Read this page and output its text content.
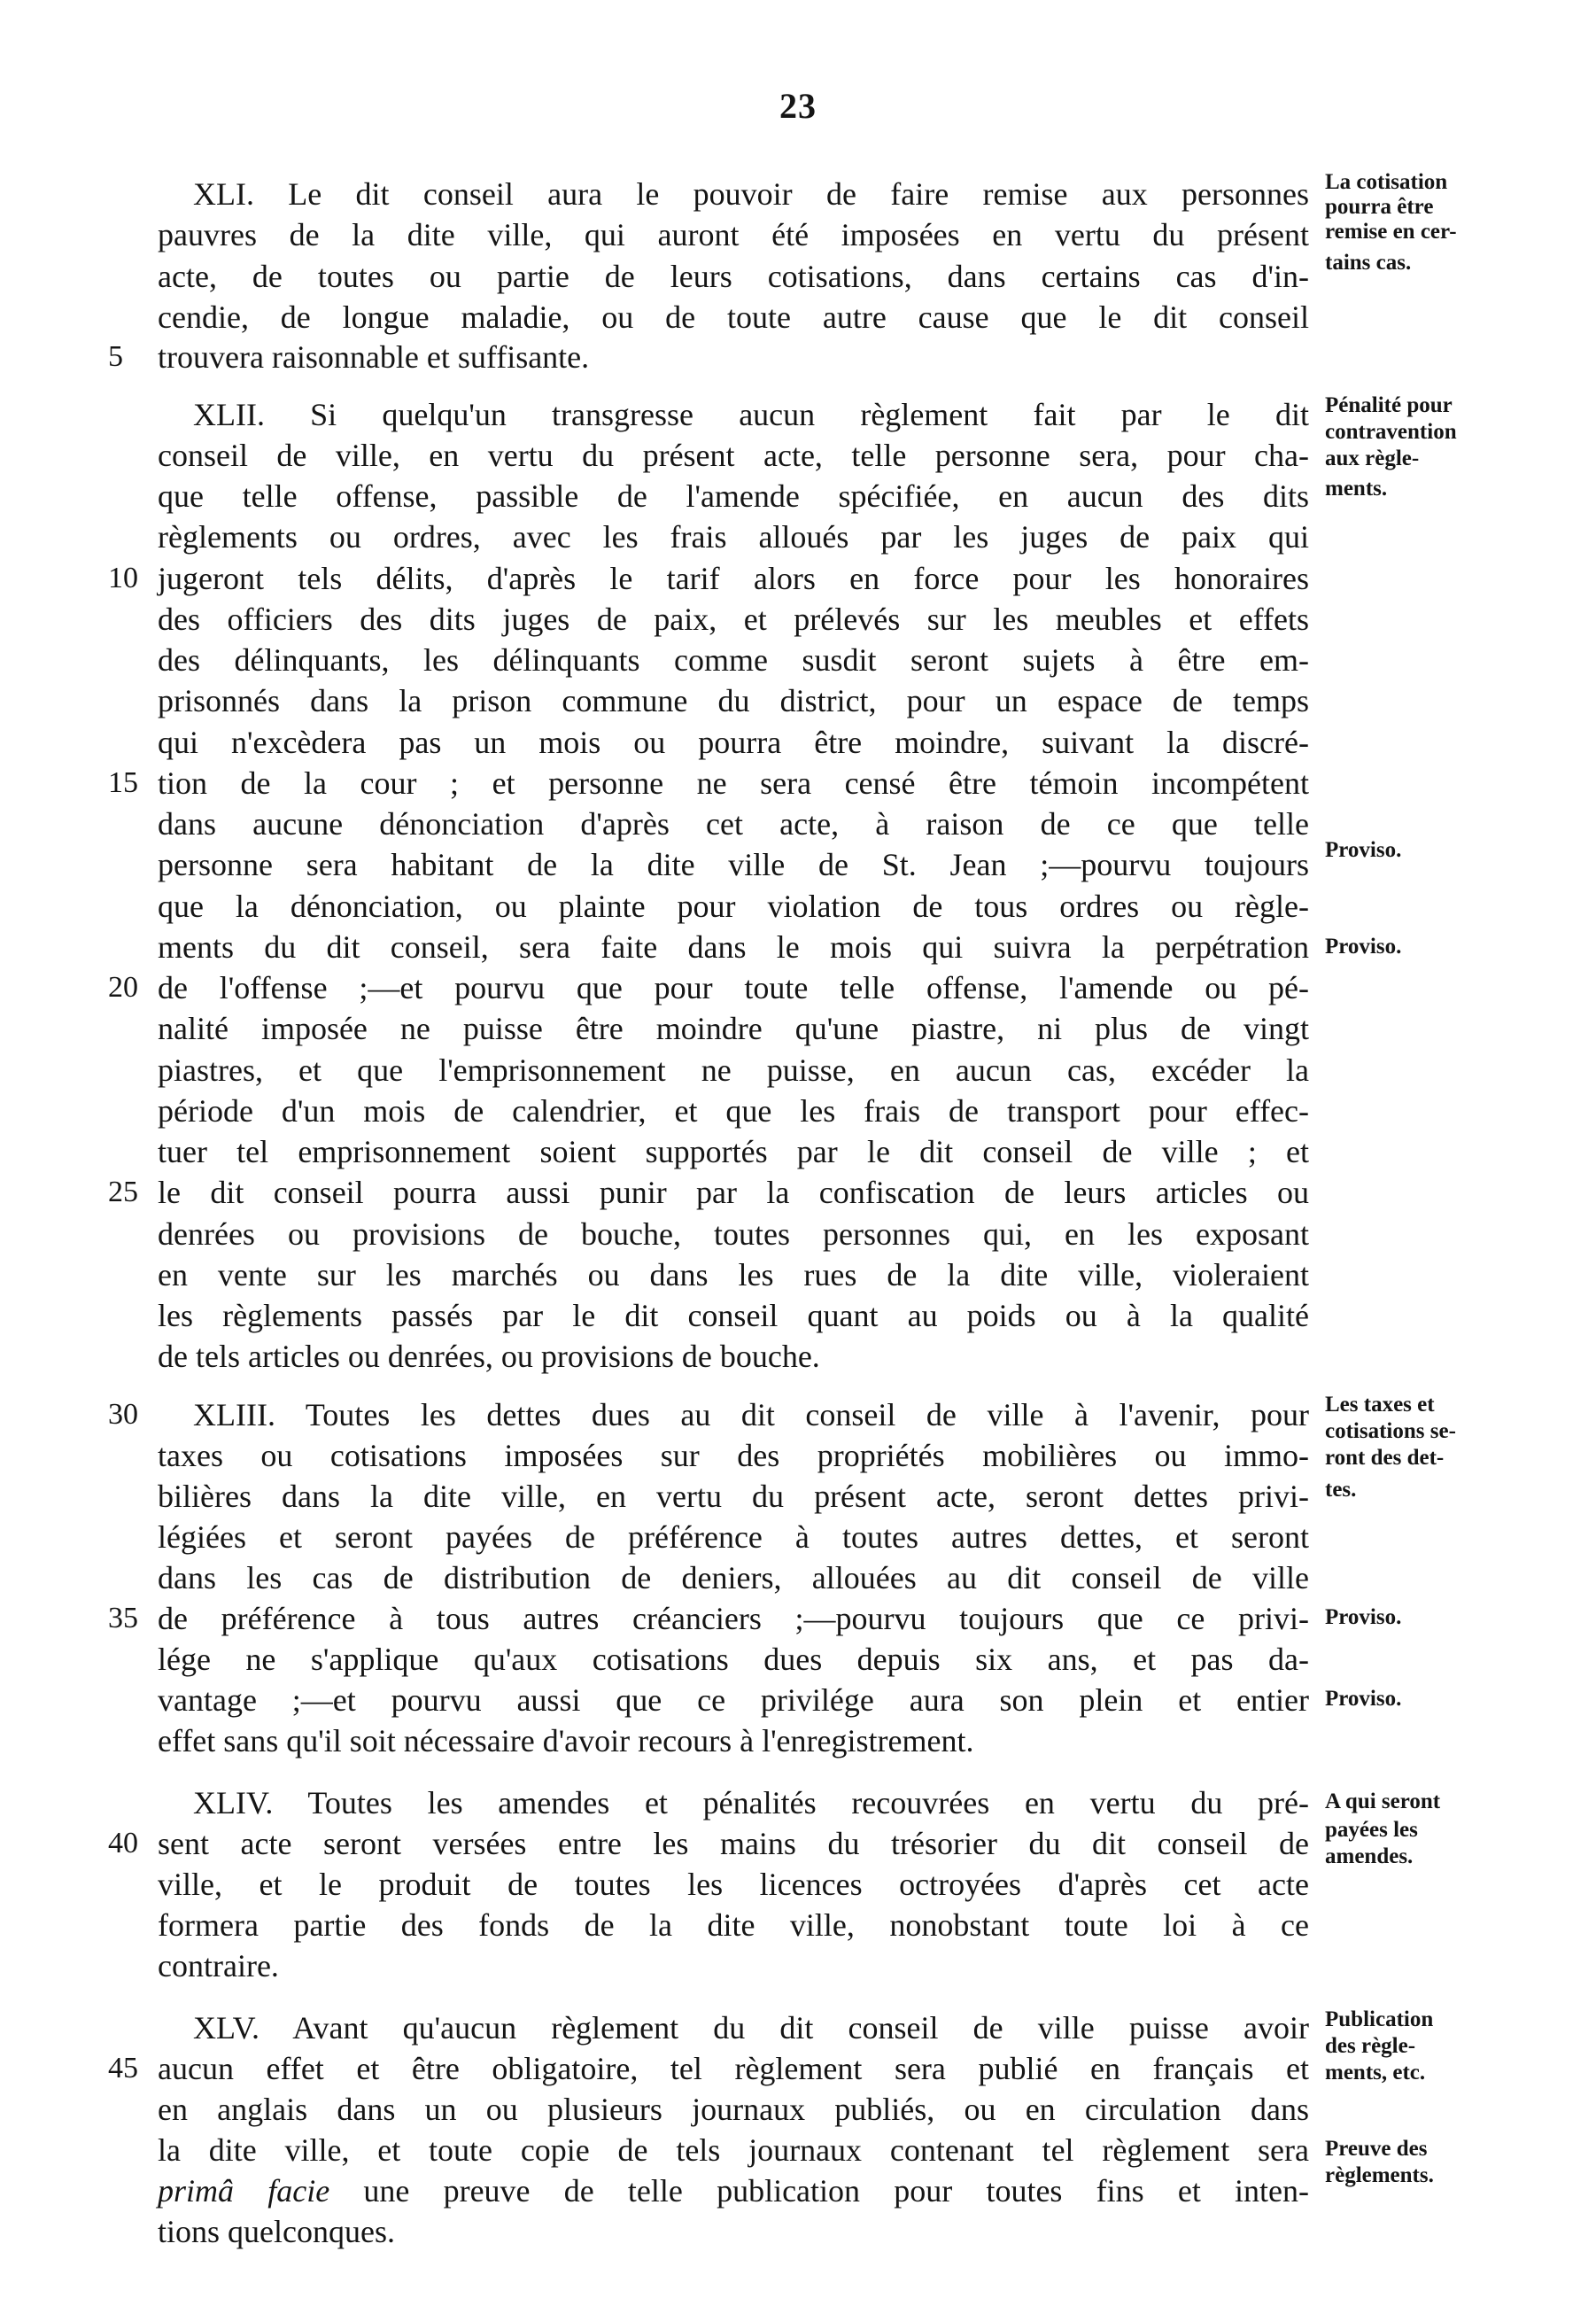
23
XLI. Le dit conseil aura le pouvoir de faire remise aux personnes
pauvres de la dite ville, qui auront été imposées en vertu du présent
acte, de toutes ou partie de leurs cotisations, dans certains cas d'in-
cendie, de longue maladie, ou de toute autre cause que le dit conseil
trouvera raisonnable et suffisante.
La cotisation
pourra être
remise en cer-
tains cas.
5
XLII. Si quelqu'un transgresse aucun règlement fait par le dit
conseil de ville, en vertu du présent acte, telle personne sera, pour cha-
que telle offense, passible de l'amende spécifiée, en aucun des dits
règlements ou ordres, avec les frais alloués par les juges de paix qui
jugeront tels délits, d'après le tarif alors en force pour les honoraires
des officiers des dits juges de paix, et prélevés sur les meubles et effets
des délinquants, les délinquants comme susdit seront sujets à être em-
prisonnés dans la prison commune du district, pour un espace de temps
qui n'excèdera pas un mois ou pourra être moindre, suivant la discré-
tion de la cour ; et personne ne sera censé être témoin incompétent
dans aucune dénonciation d'après cet acte, à raison de ce que telle
personne sera habitant de la dite ville de St. Jean ;—pourvu toujours
que la dénonciation, ou plainte pour violation de tous ordres ou règle-
ments du dit conseil, sera faite dans le mois qui suivra la perpétration
de l'offense ;—et pourvu que pour toute telle offense, l'amende ou pé-
nalité imposée ne puisse être moindre qu'une piastre, ni plus de vingt
piastres, et que l'emprisonnement ne puisse, en aucun cas, excéder la
période d'un mois de calendrier, et que les frais de transport pour effec-
tuer tel emprisonnement soient supportés par le dit conseil de ville ; et
le dit conseil pourra aussi punir par la confiscation de leurs articles ou
denrées ou provisions de bouche, toutes personnes qui, en les exposant
en vente sur les marchés ou dans les rues de la dite ville, violeraient
les règlements passés par le dit conseil quant au poids ou à la qualité
de tels articles ou denrées, ou provisions de bouche.
Pénalité pour
contravention
aux règle-
ments.
Proviso.
Proviso.
10
15
20
25
XLIII. Toutes les dettes dues au dit conseil de ville à l'avenir, pour
taxes ou cotisations imposées sur des propriétés mobilières ou immo-
bilières dans la dite ville, en vertu du présent acte, seront dettes privi-
légiées et seront payées de préférence à toutes autres dettes, et seront
dans les cas de distribution de deniers, allouées au dit conseil de ville
de préférence à tous autres créanciers ;—pourvu toujours que ce privi-
lége ne s'applique qu'aux cotisations dues depuis six ans, et pas da-
vantage ;—et pourvu aussi que ce privilége aura son plein et entier
effet sans qu'il soit nécessaire d'avoir recours à l'enregistrement.
Les taxes et
cotisations se-
ront des det-
tes.
Proviso.
Proviso.
30
35
XLIV. Toutes les amendes et pénalités recouvrées en vertu du pré-
sent acte seront versées entre les mains du trésorier du dit conseil de
ville, et le produit de toutes les licences octroyées d'après cet acte
formera partie des fonds de la dite ville, nonobstant toute loi à ce
contraire.
A qui seront
payées les
amendes.
40
XLV. Avant qu'aucun règlement du dit conseil de ville puisse avoir
aucun effet et être obligatoire, tel règlement sera publié en français et
en anglais dans un ou plusieurs journaux publiés, ou en circulation dans
la dite ville, et toute copie de tels journaux contenant tel règlement sera
primâ facie une preuve de telle publication pour toutes fins et inten-
tions quelconques.
Publication
des règle-
ments, etc.
Preuve des
règlements.
45
